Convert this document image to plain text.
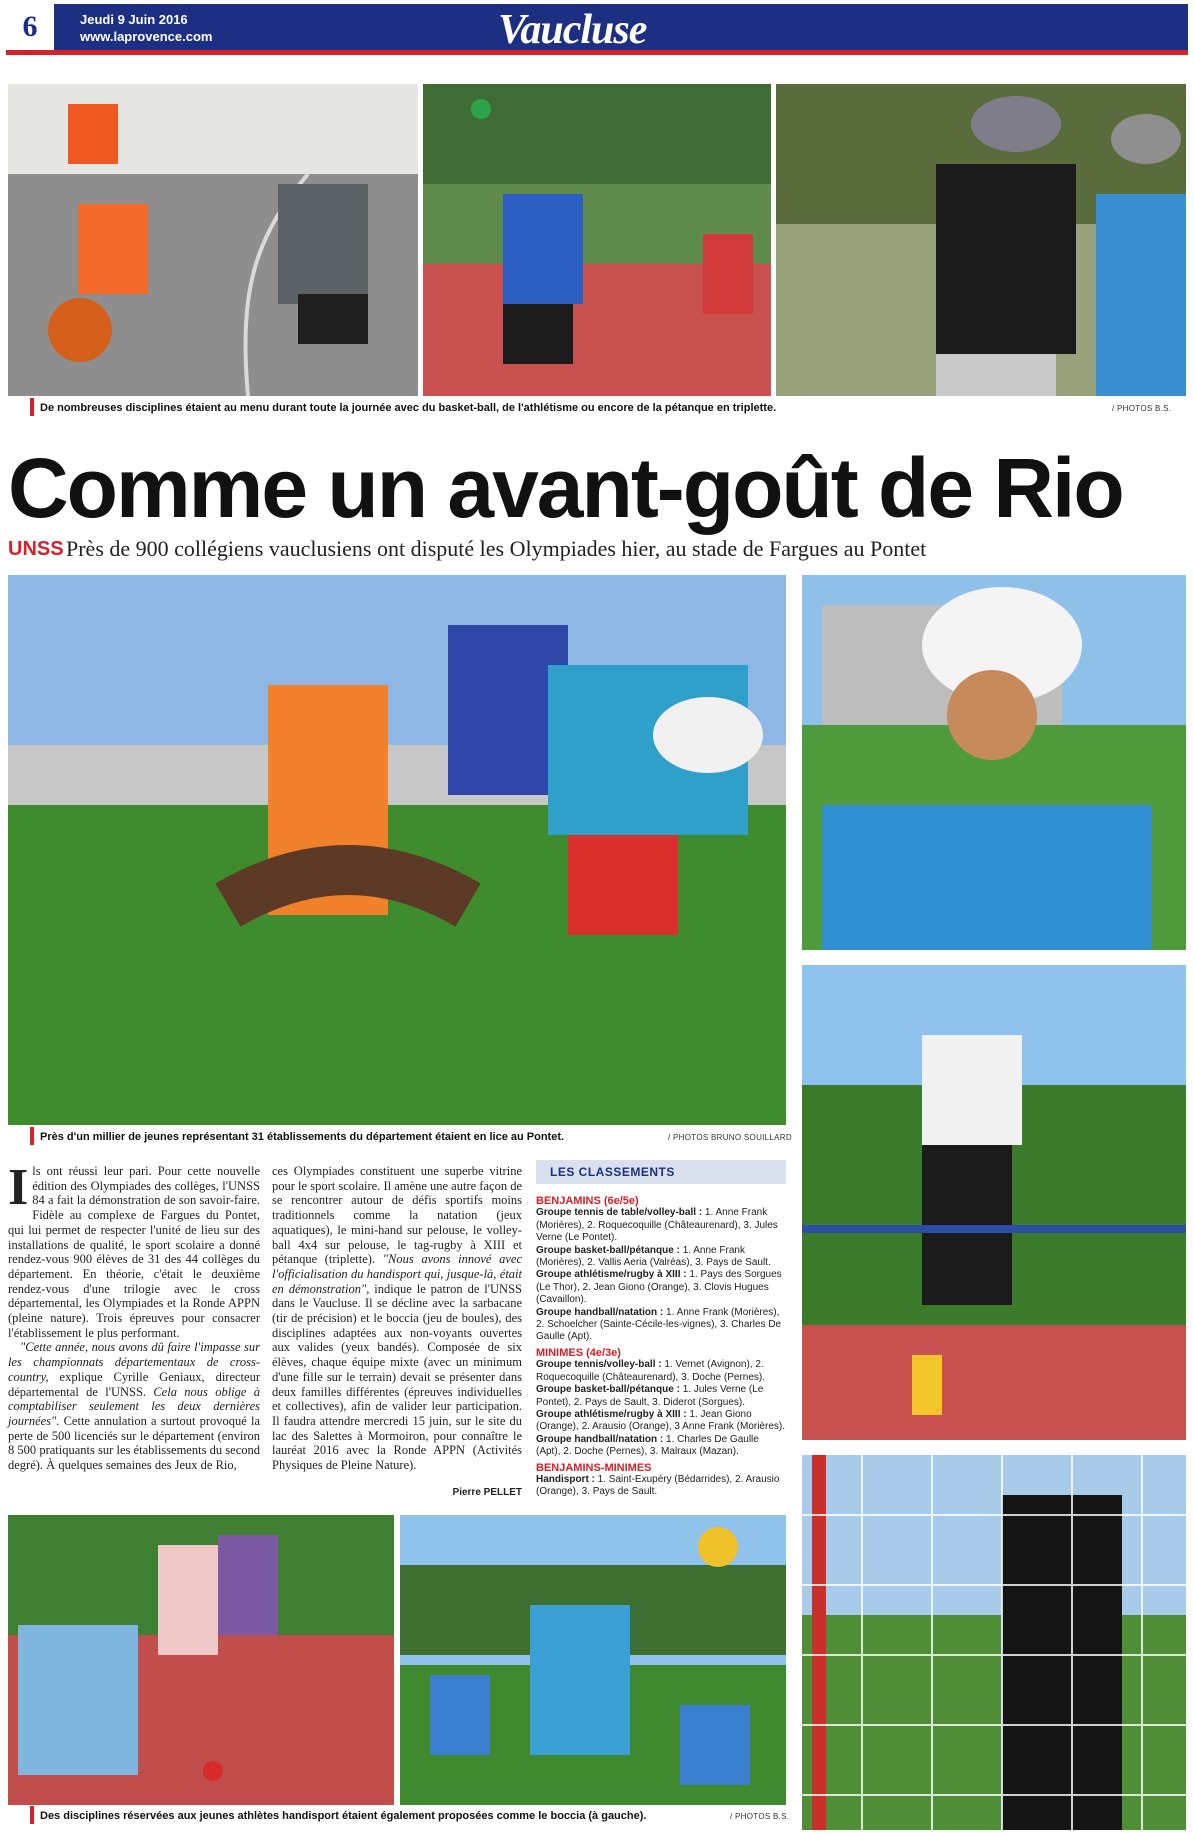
6	Jeudi 9 Juin 2016
www.laprovence.com	Vaucluse
De nombreuses disciplines étaient au menu durant toute la journée avec du basket-ball, de l'athlétisme ou encore de la pétanque en triplette.	/ PHOTOS B.S.
Comme un avant-goût de Rio
UNSS Près de 900 collégiens vauclusiens ont disputé les Olympiades hier, au stade de Fargues au Pontet
Près d'un millier de jeunes représentant 31 établissements du département étaient en lice au Pontet.	/ PHOTOS BRUNO SOUILLARD

Ils ont réussi leur pari. Pour cette nouvelle édition des Olympiades des collèges, l'UNSS 84 a fait la démonstration de son savoir-faire. Fidèle au complexe de Fargues du Pontet, qui lui permet de respecter l'unité de lieu sur des installations de qualité, le sport scolaire a donné rendez-vous 900 élèves de 31 des 44 collèges du département. En théorie, c'était le deuxième rendez-vous d'une trilogie avec le cross départemental, les Olympiades et la Ronde APPN (pleine nature). Trois épreuves pour consacrer l'établissement le plus performant.

"Cette année, nous avons dû faire l'impasse sur les championnats départementaux de cross-country, explique Cyrille Geniaux, directeur départemental de l'UNSS. Cela nous oblige à comptabiliser seulement les deux dernières journées". Cette annulation a surtout provoqué la perte de 500 licenciés sur le département (environ 8 500 pratiquants sur les établissements du second degré). À quelques semaines des Jeux de Rio,

ces Olympiades constituent une superbe vitrine pour le sport scolaire. Il amène une autre façon de se rencontrer autour de défis sportifs moins traditionnels comme la natation (jeux aquatiques), le mini-hand sur pelouse, le volley-ball 4x4 sur pelouse, le tag-rugby à XIII et pétanque (triplette). "Nous avons innové avec l'officialisation du handisport qui, jusque-là, était en démonstration", indique le patron de l'UNSS dans le Vaucluse. Il se décline avec la sarbacane (tir de précision) et le boccia (jeu de boules), des disciplines adaptées aux non-voyants ouvertes aux valides (yeux bandés). Composée de six élèves, chaque équipe mixte (avec un minimum d'une fille sur le terrain) devait se présenter dans deux familles différentes (épreuves individuelles et collectives), afin de valider leur participation. Il faudra attendre mercredi 15 juin, sur le site du lac des Salettes à Mormoiron, pour connaître le lauréat 2016 avec la Ronde APPN (Activités Physiques de Pleine Nature).

Pierre PELLET
LES CLASSEMENTS
BENJAMINS (6e/5e)
Groupe tennis de table/volley-ball : 1. Anne Frank (Morières), 2. Roquecoquille (Châteaurenard), 3. Jules Verne (Le Pontet).
Groupe basket-ball/pétanque : 1. Anne Frank (Morières), 2. Vallis Aeria (Valréas), 3. Pays de Sault.
Groupe athlétisme/rugby à XIII : 1. Pays des Sorgues (Le Thor), 2. Jean Giono (Orange), 3. Clovis Hugues (Cavaillon).
Groupe handball/natation : 1. Anne Frank (Morières), 2. Schoelcher (Sainte-Cécile-les-vignes), 3. Charles De Gaulle (Apt).
MINIMES (4e/3e)
Groupe tennis/volley-ball : 1. Vernet (Avignon), 2. Roquecoquille (Châteaurenard), 3. Doche (Pernes).
Groupe basket-ball/pétanque : 1. Jules Verne (Le Pontet), 2. Pays de Sault, 3. Diderot (Sorgues).
Groupe athlétisme/rugby à XIII : 1. Jean Giono (Orange), 2. Arausio (Orange), 3 Anne Frank (Morières).
Groupe handball/natation : 1. Charles De Gaulle (Apt), 2. Doche (Pernes), 3. Malraux (Mazan).
BENJAMINS-MINIMES
Handisport : 1. Saint-Exupéry (Bédarrides), 2. Arausio (Orange), 3. Pays de Sault.
Des disciplines réservées aux jeunes athlètes handisport étaient également proposées comme le boccia (à gauche).	/ PHOTOS B.S.
